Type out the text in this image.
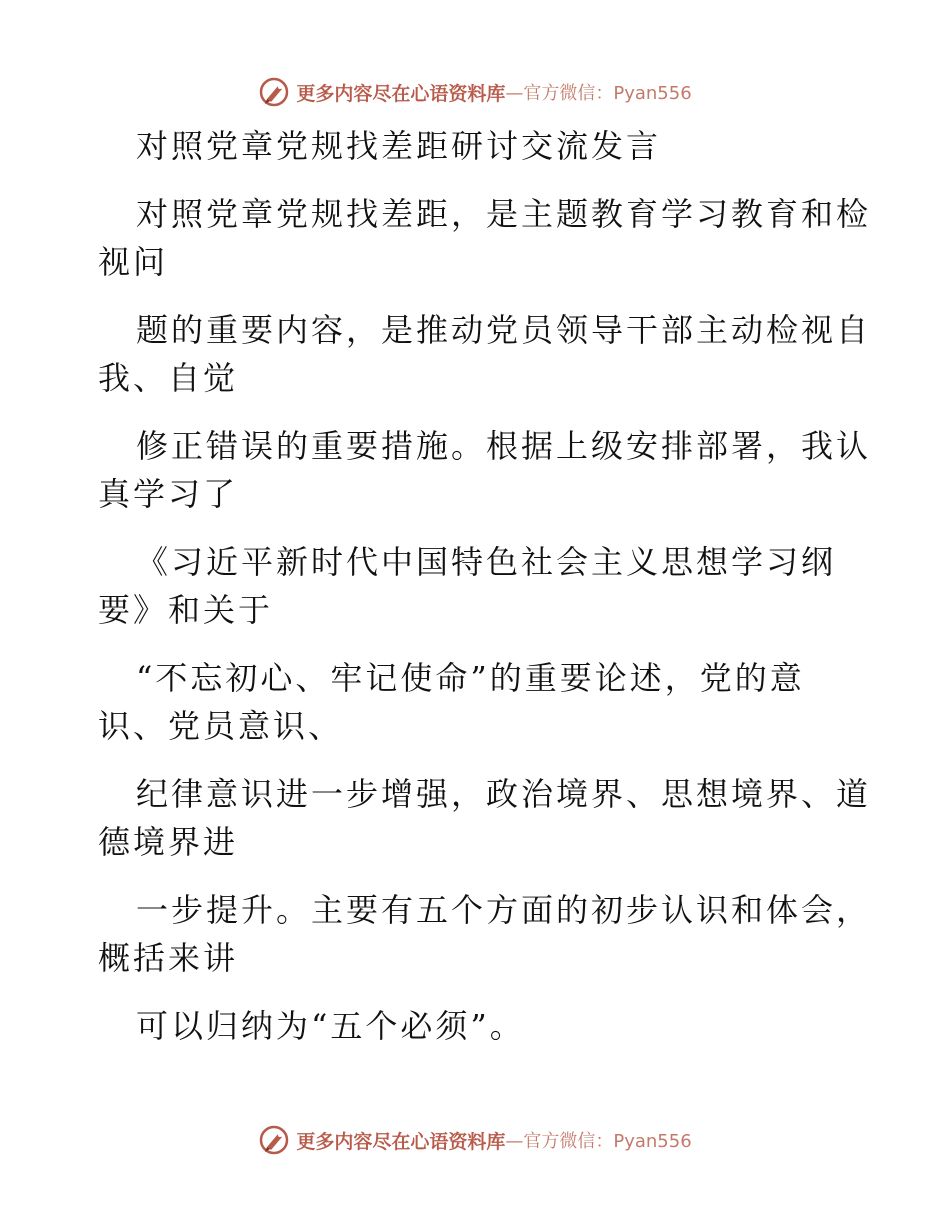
更多内容尽在心语资料库 —官方微信：Pyan556
对照党章党规找差距研讨交流发言
对照党章党规找差距，是主题教育学习教育和检
视问
题的重要内容，是推动党员领导干部主动检视自
我、自觉
修正错误的重要措施。根据上级安排部署，我认
真学习了
《习近平新时代中国特色社会主义思想学习纲
要》和关于
“不忘初心、牢记使命”的重要论述，党的意
识、党员意识、
纪律意识进一步增强，政治境界、思想境界、道
德境界进
一步提升。主要有五个方面的初步认识和体会，
概括来讲
可以归纳为“五个必须”。
更多内容尽在心语资料库 —官方微信：Pyan556
